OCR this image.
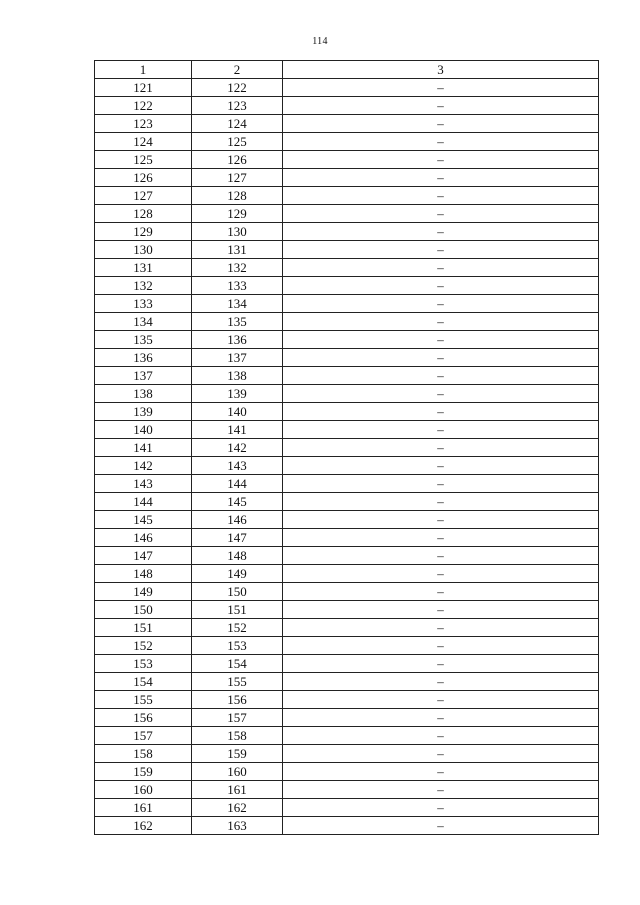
114
1	2	3
121	122	–
122	123	–
123	124	–
124	125	–
125	126	–
126	127	–
127	128	–
128	129	–
129	130	–
130	131	–
131	132	–
132	133	–
133	134	–
134	135	–
135	136	–
136	137	–
137	138	–
138	139	–
139	140	–
140	141	–
141	142	–
142	143	–
143	144	–
144	145	–
145	146	–
146	147	–
147	148	–
148	149	–
149	150	–
150	151	–
151	152	–
152	153	–
153	154	–
154	155	–
155	156	–
156	157	–
157	158	–
158	159	–
159	160	–
160	161	–
161	162	–
162	163	–
